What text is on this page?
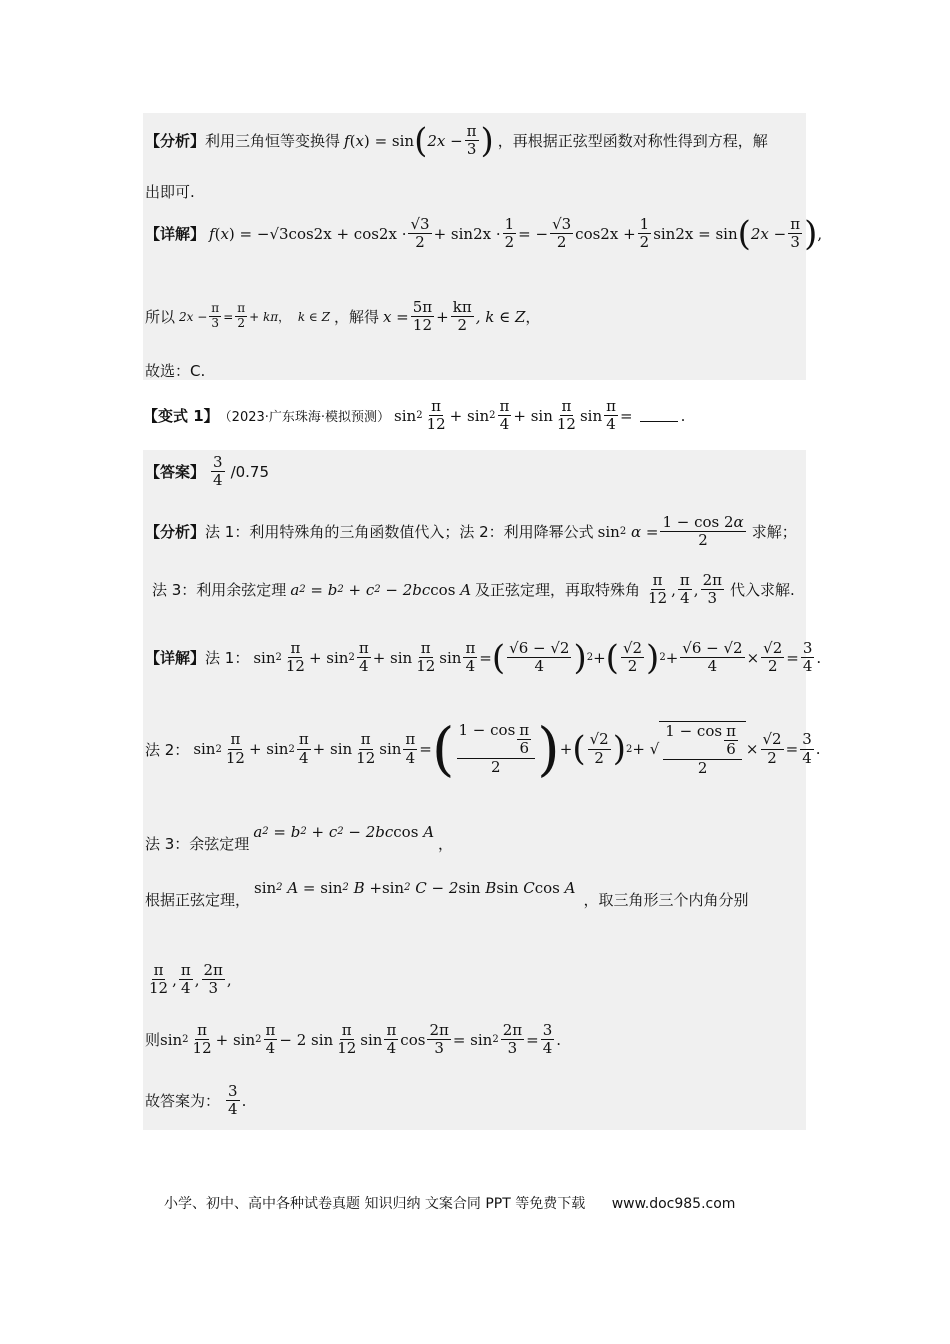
【分析】 利用三角恒等变换得 f ( x )
= sin ( $2x - \frac{\pi}{3}$ ) ，再根据正弦型函数对称性得到方程，解
出即可.
【详解】 f ( x )
= $-√3\cos 2x + \cos 2x \cdot \frac{√3}{2} + \sin 2x \cdot \frac{1}{2}$ = − $\frac{√3}{2} \cos 2x + \frac{1}{2} \sin 2x = \sin$ ( $2x - \frac{\pi}{3}$ ) ,
所以 $2x - \frac{\pi}{3} = \frac{\pi}{2} + k\pi$ ， k ∈ Z ，解得 $x = \frac{5\pi}{12} + \frac{k\pi}{2}$ , k ∈ Z ，
故选：C.
【变式 1】 （2023·广东珠海·模拟预测） $\sin 2 \frac{\pi}{12} + \sin 2 \frac{\pi}{4} + \sin \frac{\pi}{12}$ $\sin \frac{\pi}{4}$ =	.
【答案】 $\frac{3}{4} /0.75$
【分析】 法 1：利用特殊角的三角函数值代入；法 2：利用降幂公式 sin 2
$\alpha = \frac{1 - \cos 2\alpha}{2}$ 求解；
法 3：利用余弦定理 a 2 = b 2 + c 2 − 2bc cos A 及正弦定理，再取特殊角 $\frac{\pi}{12}$ , $\frac{\pi}{4}$ , $\frac{2\pi}{3}$ 代入求解.
【详解】 法 1： $\sin 2 \frac{\pi}{12} + \sin 2 \frac{\pi}{4} + \sin \frac{\pi}{12}$ $\sin \frac{\pi}{4}$ = ( $\frac{√6 - √2}{4}$ ) 2 + ( $\frac{√2}{2}$ ) $2 + \frac{√6 - √2}{4} \times \frac{√2}{2} = \frac{3}{4}$ .
法 2： $\sin 2 \frac{\pi}{12} + \sin 2 \frac{\pi}{4} + \sin \frac{\pi}{12}$ $\sin \frac{\pi}{4}$ = ( $\frac{1 - \cos \frac{\pi}{6}}{2}$ ) + ( $\frac{√2}{2}$ ) 2 + √ $\frac{1 - \cos \frac{\pi}{6}}{2} \times \frac{√2}{2} = \frac{3}{4}$ .
法 3：余弦定理
a 2 = b 2 + c 2 − 2bc cos A
，
根据正弦定理，
sin 2 A = sin 2 B + sin 2 C − 2 sin B sin C cos A
，取三角形三个内角分别
$\frac{\pi}{12}$ , $\frac{\pi}{4}$ , $\frac{2\pi}{3}$ ,
则 $\sin 2 \frac{\pi}{12} + \sin 2 \frac{\pi}{4} - 2$ $\sin \frac{\pi}{12}$ $\sin \frac{\pi}{4}$ $\cos \frac{2\pi}{3} = \sin 2 \frac{2\pi}{3} = \frac{3}{4}$ .
故答案为： $\frac{3}{4}$ .
小学、初中、高中各种试卷真题 知识归纳 文案合同 PPT 等免费下载 www.doc985.com
